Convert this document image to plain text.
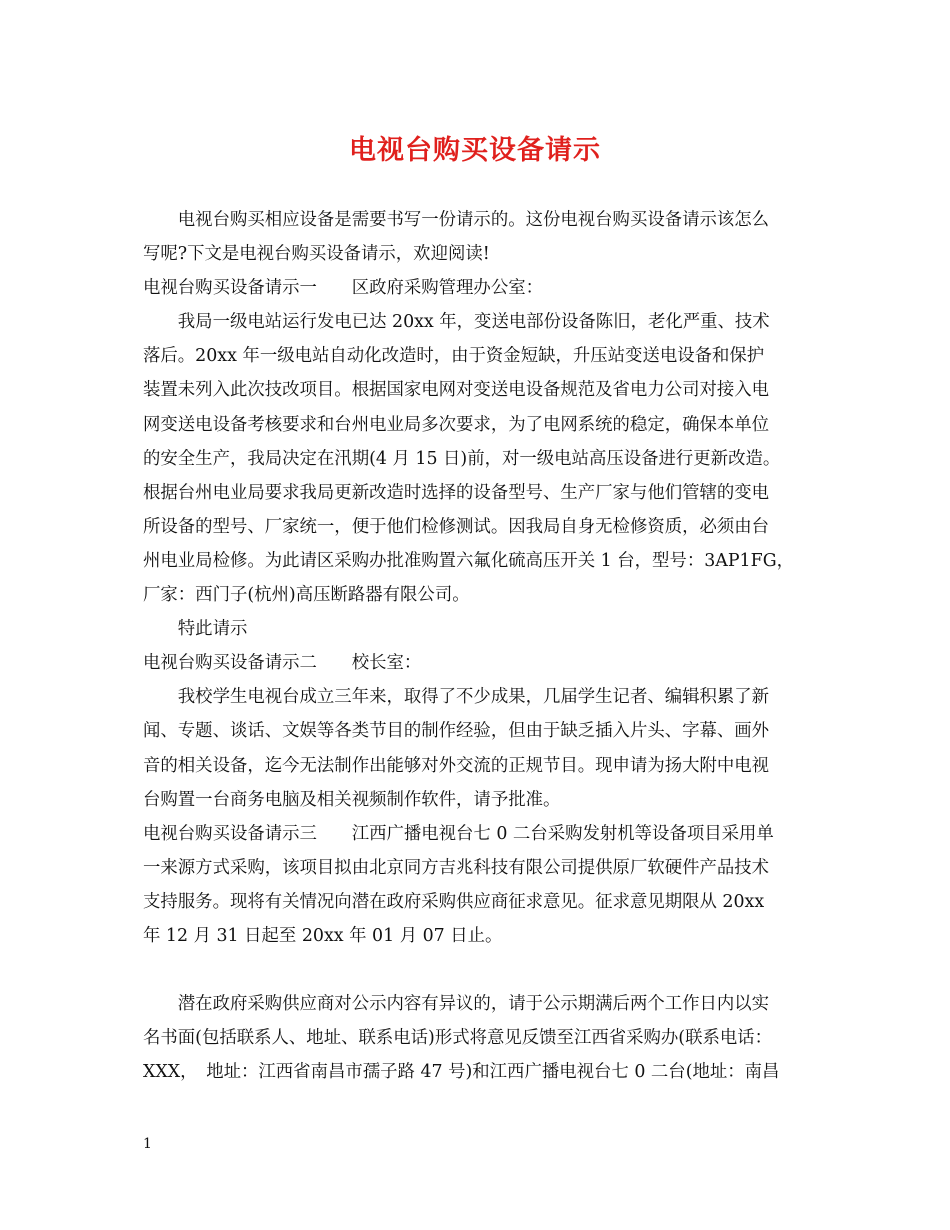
电视台购买设备请示
　　电视台购买相应设备是需要书写一份请示的。这份电视台购买设备请示该怎么
写呢?下文是电视台购买设备请示，欢迎阅读!
电视台购买设备请示一　　区政府采购管理办公室：
　　我局一级电站运行发电已达 20xx 年，变送电部份设备陈旧，老化严重、技术
落后。20xx 年一级电站自动化改造时，由于资金短缺，升压站变送电设备和保护
装置未列入此次技改项目。根据国家电网对变送电设备规范及省电力公司对接入电
网变送电设备考核要求和台州电业局多次要求，为了电网系统的稳定，确保本单位
的安全生产，我局决定在汛期(4 月 15 日)前，对一级电站高压设备进行更新改造。
根据台州电业局要求我局更新改造时选择的设备型号、生产厂家与他们管辖的变电
所设备的型号、厂家统一，便于他们检修测试。因我局自身无检修资质，必须由台
州电业局检修。为此请区采购办批准购置六氟化硫高压开关 1 台，型号：3AP1FG，
厂家：西门子(杭州)高压断路器有限公司。
　　特此请示
电视台购买设备请示二　　校长室：
　　我校学生电视台成立三年来，取得了不少成果，几届学生记者、编辑积累了新
闻、专题、谈话、文娱等各类节目的制作经验，但由于缺乏插入片头、字幕、画外
音的相关设备，迄今无法制作出能够对外交流的正规节目。现申请为扬大附中电视
台购置一台商务电脑及相关视频制作软件，请予批准。
电视台购买设备请示三　　江西广播电视台七 0 二台采购发射机等设备项目采用单
一来源方式采购，该项目拟由北京同方吉兆科技有限公司提供原厂软硬件产品技术
支持服务。现将有关情况向潜在政府采购供应商征求意见。征求意见期限从 20xx
年 12 月 31 日起至 20xx 年 01 月 07 日止。
　　潜在政府采购供应商对公示内容有异议的，请于公示期满后两个工作日内以实
名书面(包括联系人、地址、联系电话)形式将意见反馈至江西省采购办(联系电话：
XXX，　地址：江西省南昌市孺子路 47 号)和江西广播电视台七 0 二台(地址：南昌
1
